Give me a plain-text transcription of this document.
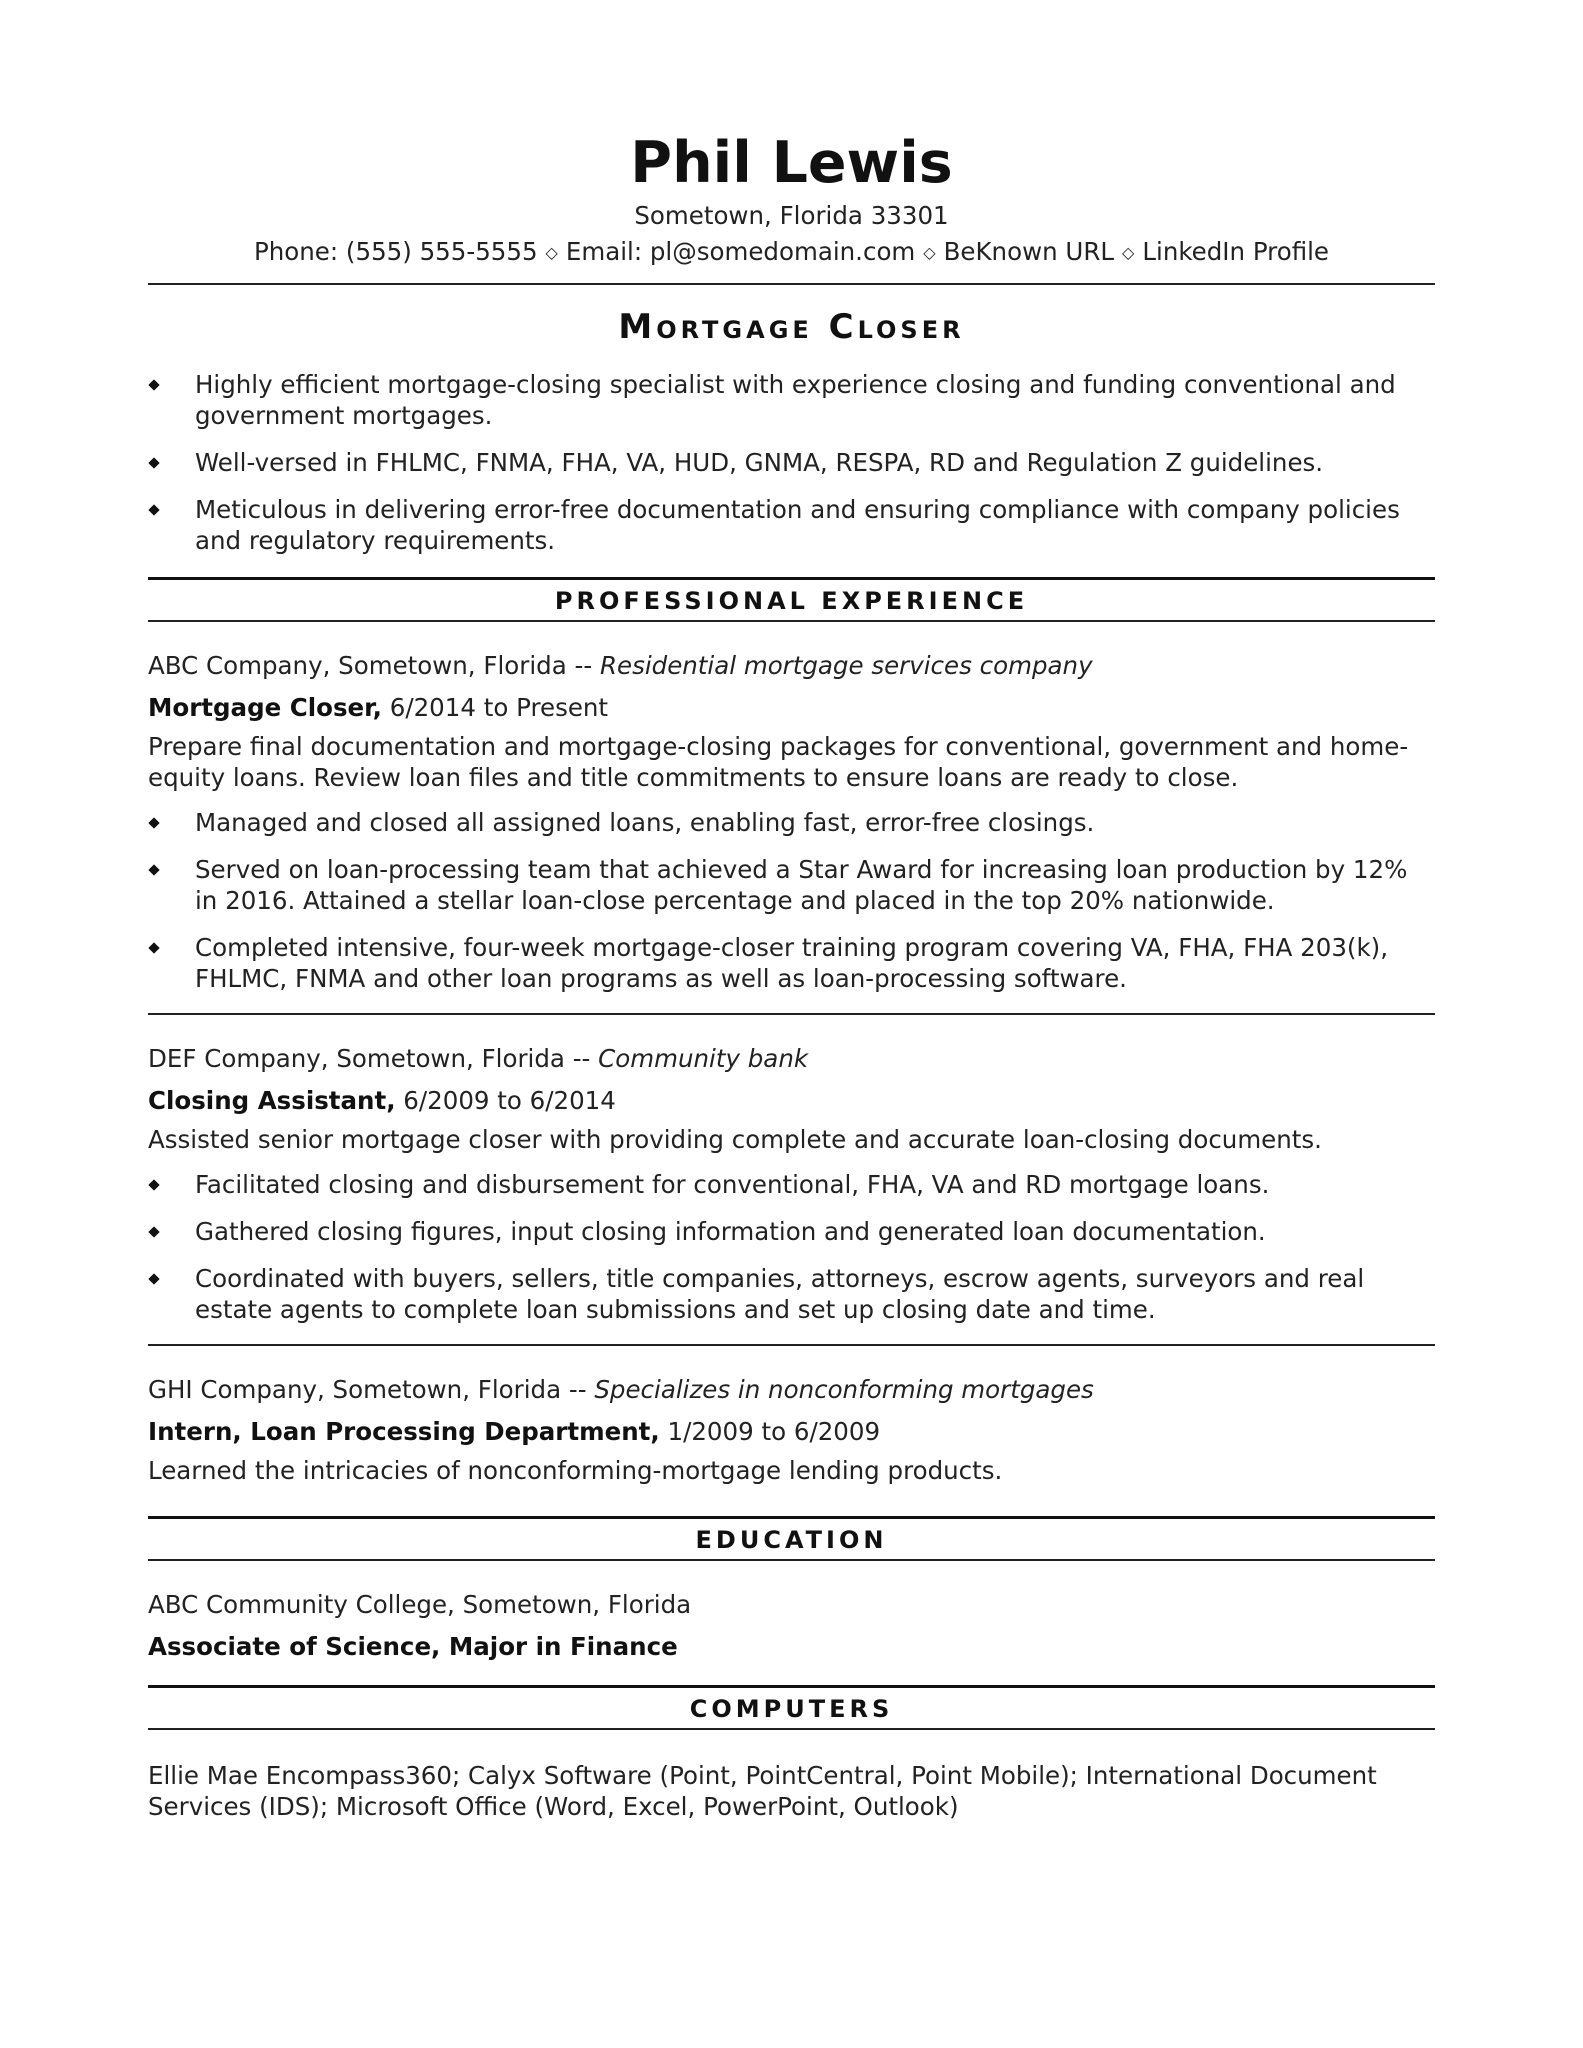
Phil Lewis
Sometown, Florida 33301
Phone: (555) 555-5555 ◇ Email: pl@somedomain.com ◇ BeKnown URL ◇ LinkedIn Profile
Mortgage Closer
Highly efficient mortgage-closing specialist with experience closing and funding conventional and government mortgages.
Well-versed in FHLMC, FNMA, FHA, VA, HUD, GNMA, RESPA, RD and Regulation Z guidelines.
Meticulous in delivering error-free documentation and ensuring compliance with company policies and regulatory requirements.
PROFESSIONAL EXPERIENCE
ABC Company, Sometown, Florida -- Residential mortgage services company
Mortgage Closer, 6/2014 to Present
Prepare final documentation and mortgage-closing packages for conventional, government and home-equity loans. Review loan files and title commitments to ensure loans are ready to close.
Managed and closed all assigned loans, enabling fast, error-free closings.
Served on loan-processing team that achieved a Star Award for increasing loan production by 12% in 2016. Attained a stellar loan-close percentage and placed in the top 20% nationwide.
Completed intensive, four-week mortgage-closer training program covering VA, FHA, FHA 203(k), FHLMC, FNMA and other loan programs as well as loan-processing software.
DEF Company, Sometown, Florida -- Community bank
Closing Assistant, 6/2009 to 6/2014
Assisted senior mortgage closer with providing complete and accurate loan-closing documents.
Facilitated closing and disbursement for conventional, FHA, VA and RD mortgage loans.
Gathered closing figures, input closing information and generated loan documentation.
Coordinated with buyers, sellers, title companies, attorneys, escrow agents, surveyors and real estate agents to complete loan submissions and set up closing date and time.
GHI Company, Sometown, Florida -- Specializes in nonconforming mortgages
Intern, Loan Processing Department, 1/2009 to 6/2009
Learned the intricacies of nonconforming-mortgage lending products.
EDUCATION
ABC Community College, Sometown, Florida
Associate of Science, Major in Finance
COMPUTERS
Ellie Mae Encompass360; Calyx Software (Point, PointCentral, Point Mobile); International Document Services (IDS); Microsoft Office (Word, Excel, PowerPoint, Outlook)
